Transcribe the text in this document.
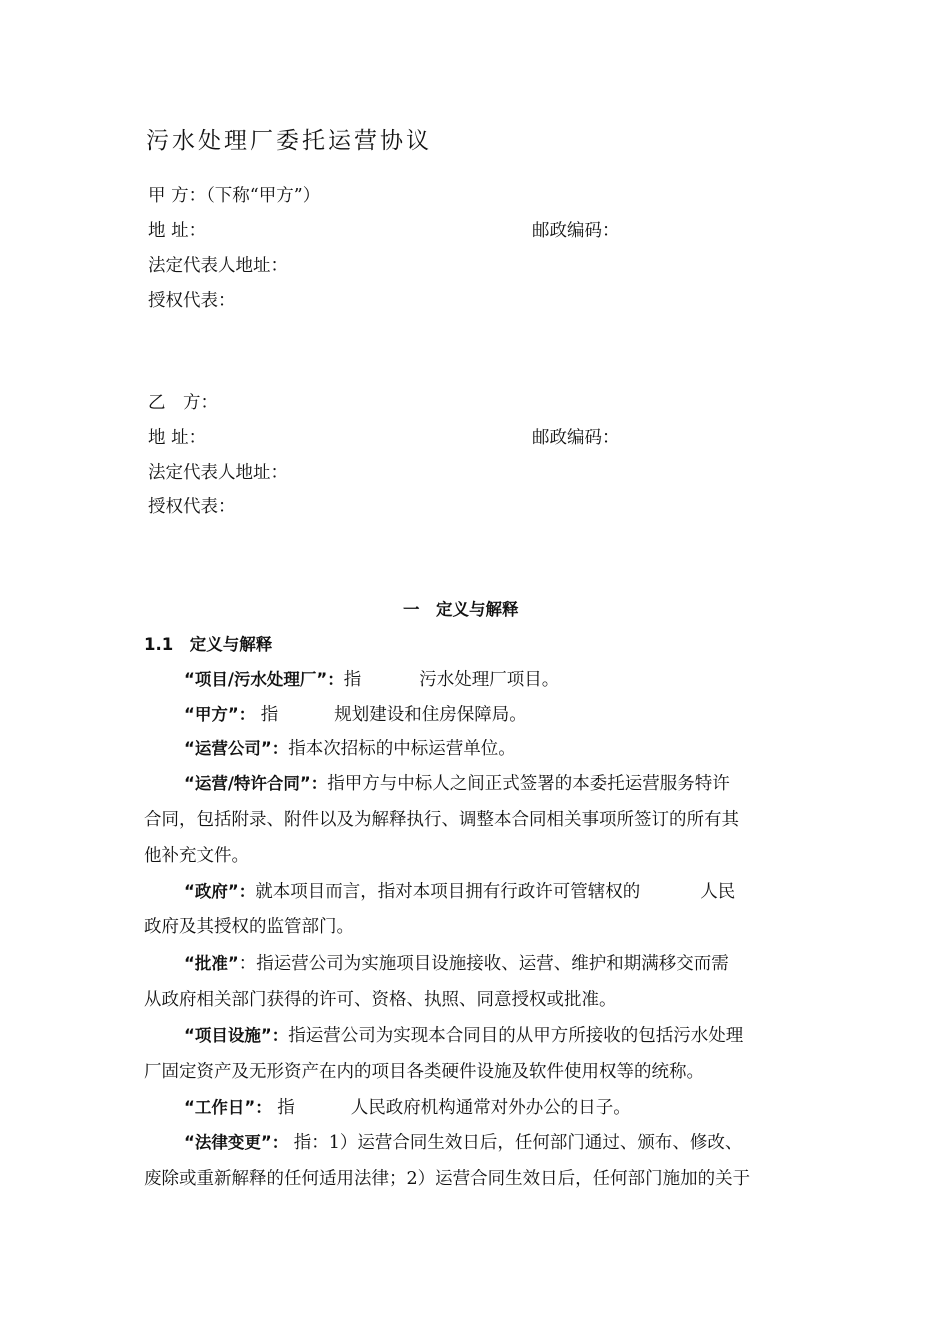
污水处理厂委托运营协议
甲 方：（下称“甲方”）
地 址：	邮政编码：
法定代表人地址：
授权代表：
乙　方：
地 址：	邮政编码：
法定代表人地址：
授权代表：
一　定义与解释
1.1　定义与解释
“项目/污水处理厂”：指	污水处理厂项目。
“甲方”： 指	规划建设和住房保障局。
“运营公司”：指本次招标的中标运营单位。
“运营/特许合同”：指甲方与中标人之间正式签署的本委托运营服务特许
合同，包括附录、附件以及为解释执行、调整本合同相关事项所签订的所有其
他补充文件。
“政府”：就本项目而言，指对本项目拥有行政许可管辖权的	人民
政府及其授权的监管部门。
“批准”：指运营公司为实施项目设施接收、运营、维护和期满移交而需
从政府相关部门获得的许可、资格、执照、同意授权或批准。
“项目设施”：指运营公司为实现本合同目的从甲方所接收的包括污水处理
厂固定资产及无形资产在内的项目各类硬件设施及软件使用权等的统称。
“工作日”： 指	人民政府机构通常对外办公的日子。
“法律变更”： 指：1）运营合同生效日后，任何部门通过、颁布、修改、
废除或重新解释的任何适用法律；2）运营合同生效日后，任何部门施加的关于
